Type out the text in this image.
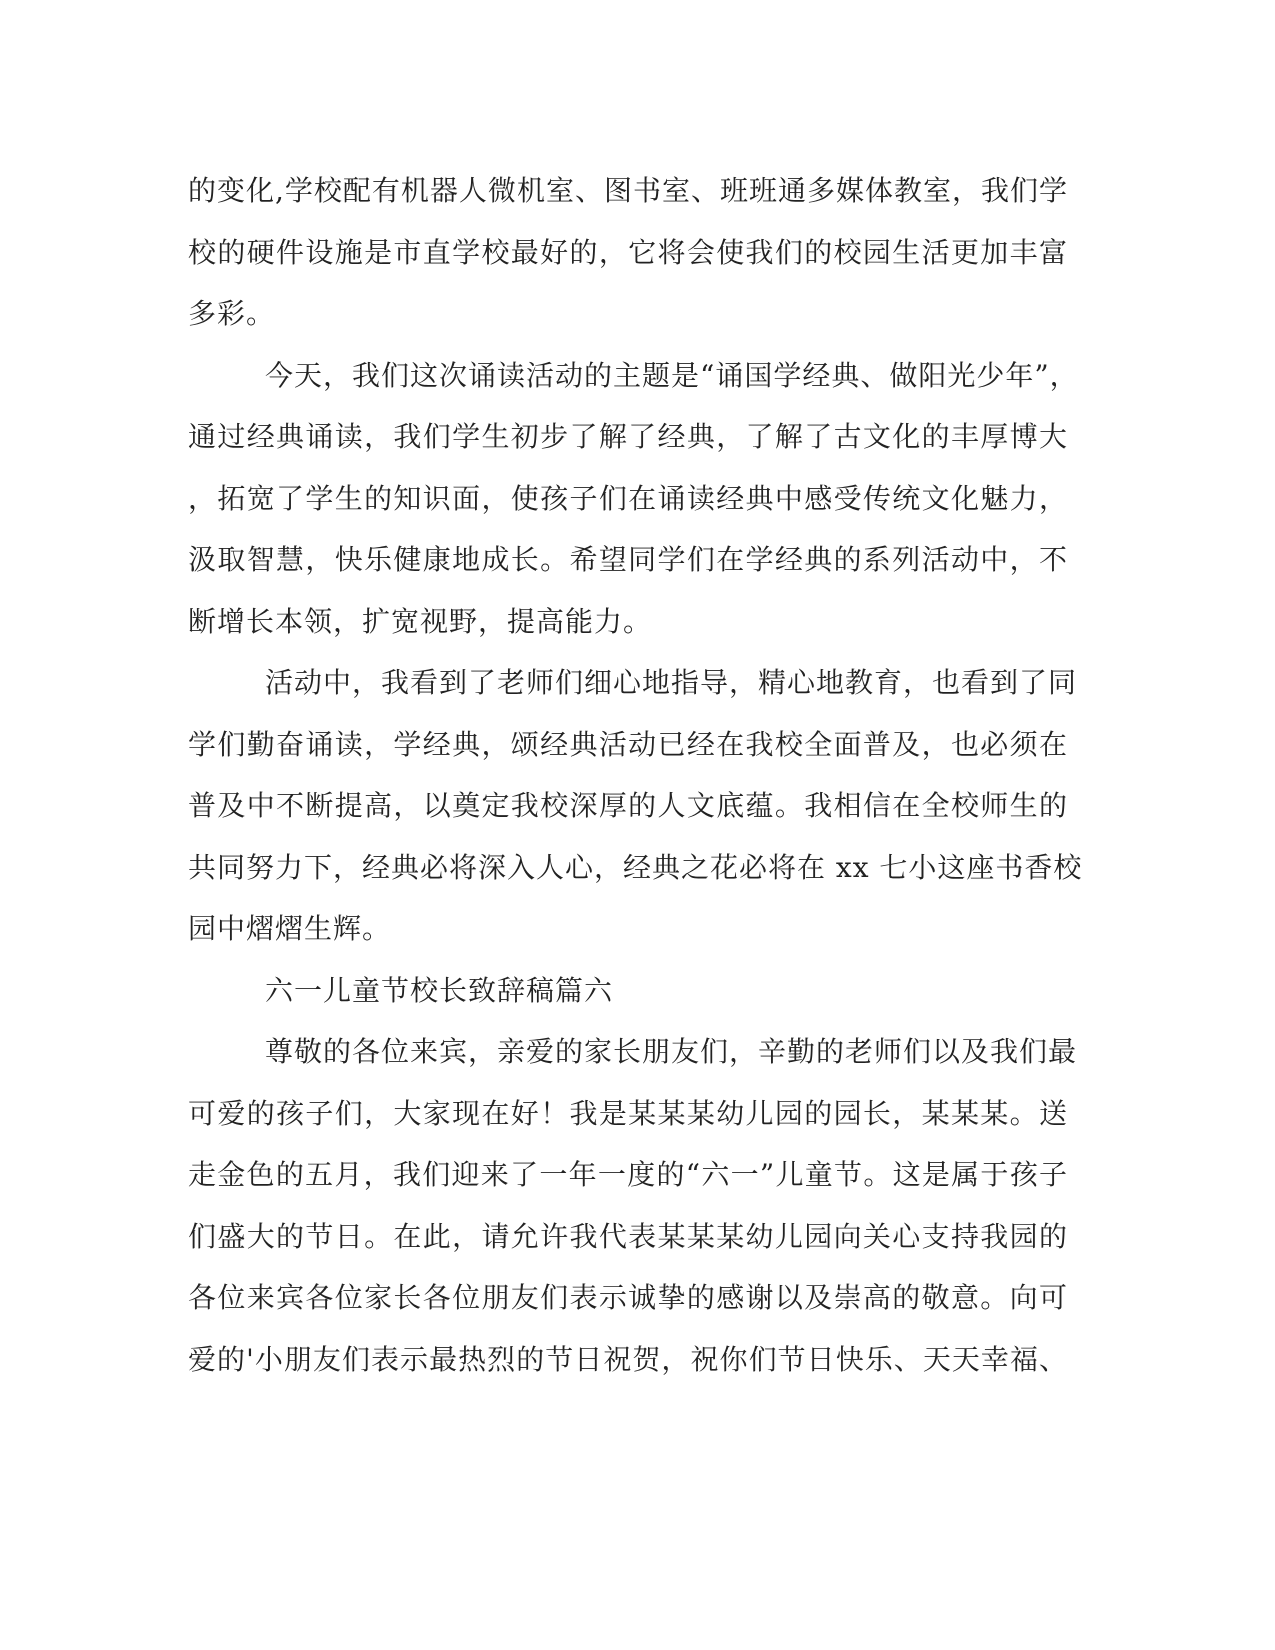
的变化,学校配有机器人微机室、图书室、班班通多媒体教室，我们学
校的硬件设施是市直学校最好的，它将会使我们的校园生活更加丰富
多彩。
今天，我们这次诵读活动的主题是“诵国学经典、做阳光少年”，
通过经典诵读，我们学生初步了解了经典，了解了古文化的丰厚博大
，拓宽了学生的知识面，使孩子们在诵读经典中感受传统文化魅力，
汲取智慧，快乐健康地成长。希望同学们在学经典的系列活动中，不
断增长本领，扩宽视野，提高能力。
活动中，我看到了老师们细心地指导，精心地教育，也看到了同
学们勤奋诵读，学经典，颂经典活动已经在我校全面普及，也必须在
普及中不断提高，以奠定我校深厚的人文底蕴。我相信在全校师生的
共同努力下，经典必将深入人心，经典之花必将在 xx 七小这座书香校
园中熠熠生辉。
六一儿童节校长致辞稿篇六
尊敬的各位来宾，亲爱的家长朋友们，辛勤的老师们以及我们最
可爱的孩子们，大家现在好！我是某某某幼儿园的园长，某某某。送
走金色的五月，我们迎来了一年一度的“六一”儿童节。这是属于孩子
们盛大的节日。在此，请允许我代表某某某幼儿园向关心支持我园的
各位来宾各位家长各位朋友们表示诚挚的感谢以及崇高的敬意。向可
爱的'小朋友们表示最热烈的节日祝贺，祝你们节日快乐、天天幸福、
